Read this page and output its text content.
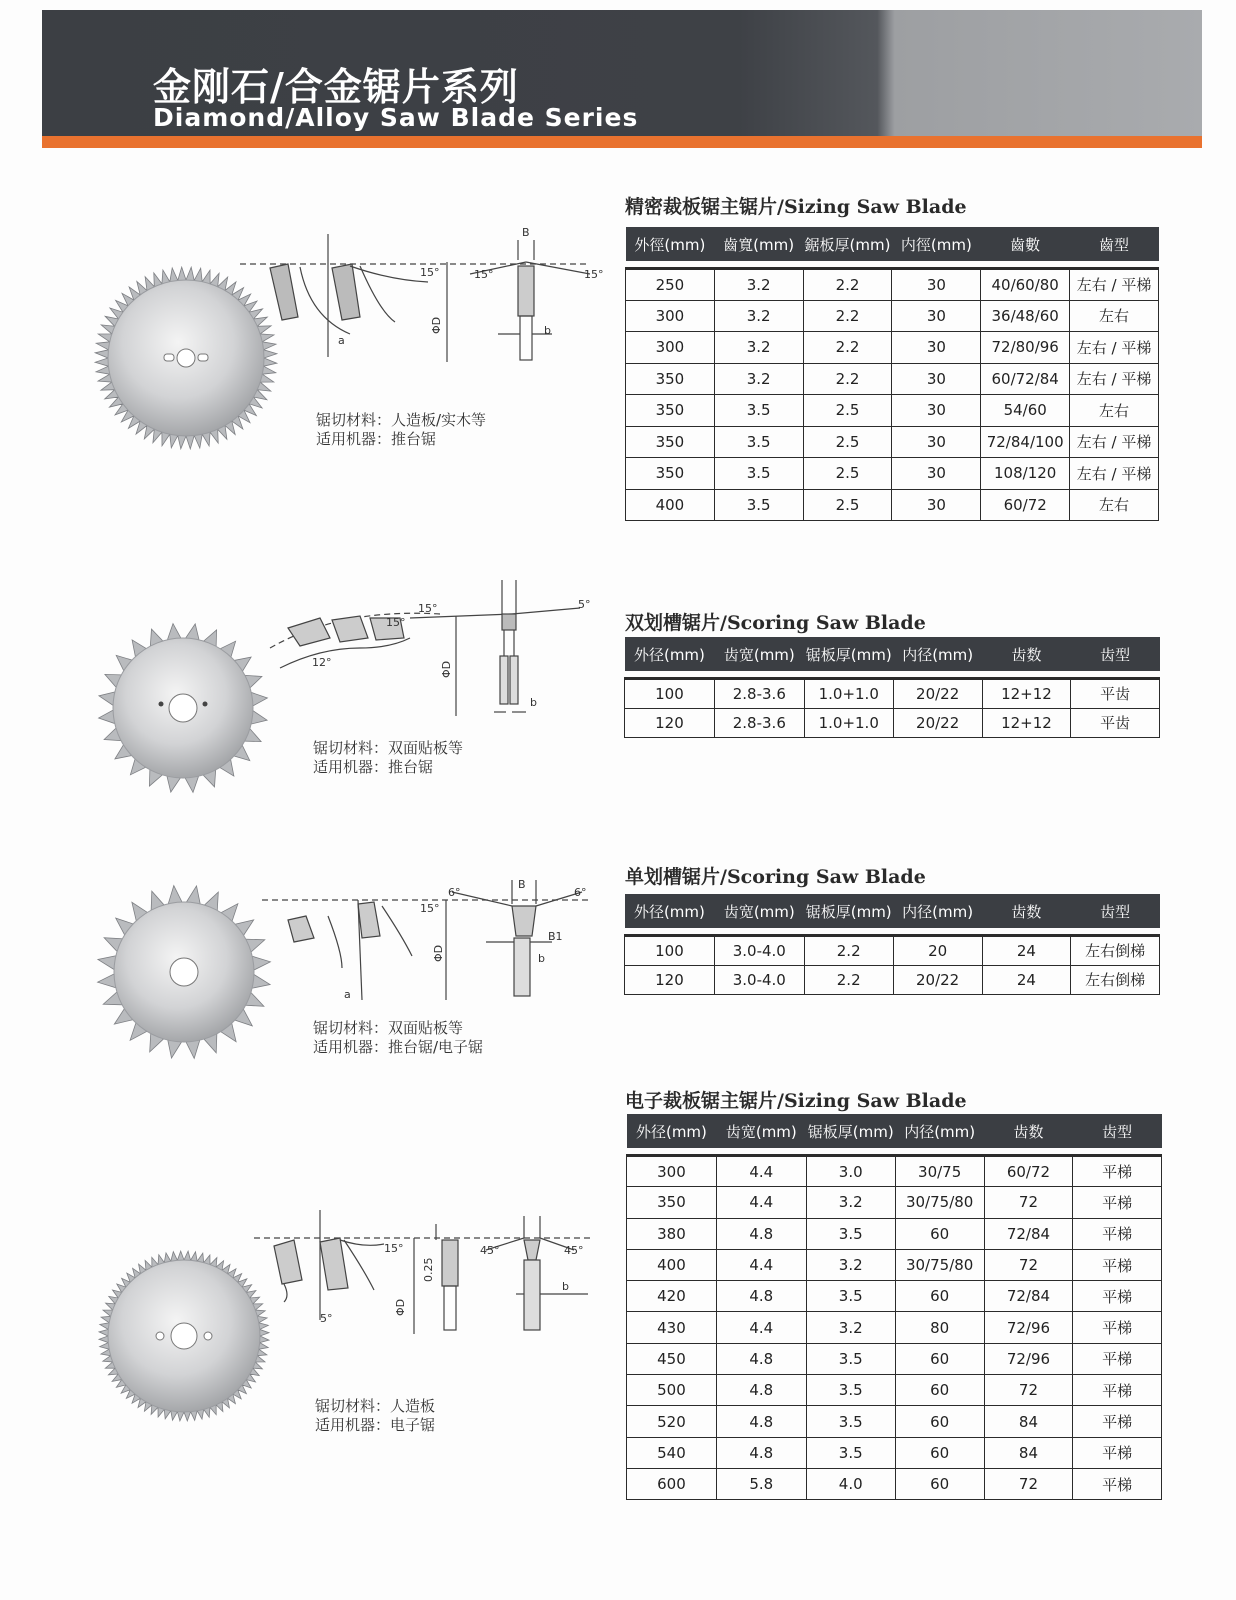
金刚石/合金锯片系列
Diamond/Alloy Saw Blade Series
精密裁板锯主锯片/Sizing Saw Blade
外徑(mm)	齒寬(mm)	鋸板厚(mm)	内徑(mm)	齒數	齒型

250	3.2	2.2	30	40/60/80	左右 / 平梯
300	3.2	2.2	30	36/48/60	左右
300	3.2	2.2	30	72/80/96	左右 / 平梯
350	3.2	2.2	30	60/72/84	左右 / 平梯
350	3.5	2.5	30	54/60	左右
350	3.5	2.5	30	72/84/100	左右 / 平梯
350	3.5	2.5	30	108/120	左右 / 平梯
400	3.5	2.5	30	60/72	左右
15°	15°	15°
B
a
ΦD	b
锯切材料：人造板/实木等
适用机器：推台锯
双划槽锯片/Scoring Saw Blade
外径(mm)	齿宽(mm)	锯板厚(mm)	内径(mm)	齿数	齿型

100	2.8-3.6	1.0+1.0	20/22	12+12	平齿
120	2.8-3.6	1.0+1.0	20/22	12+12	平齿
15°
15°
12°	ΦD
5°
b
锯切材料：双面贴板等
适用机器：推台锯
单划槽锯片/Scoring Saw Blade
外径(mm)	齿宽(mm)	锯板厚(mm)	内径(mm)	齿数	齿型

100	3.0-4.0	2.2	20	24	左右倒梯
120	3.0-4.0	2.2	20/22	24	左右倒梯
6°
15°
a
ΦD
B
6°
B1
b
锯切材料：双面贴板等
适用机器：推台锯/电子锯
电子裁板锯主锯片/Sizing Saw Blade
外径(mm)	齿宽(mm)	锯板厚(mm)	内径(mm)	齿数	齿型

300	4.4	3.0	30/75	60/72	平梯
350	4.4	3.2	30/75/80	72	平梯
380	4.8	3.5	60	72/84	平梯
400	4.4	3.2	30/75/80	72	平梯
420	4.8	3.5	60	72/84	平梯
430	4.4	3.2	80	72/96	平梯
450	4.8	3.5	60	72/96	平梯
500	4.8	3.5	60	72	平梯
520	4.8	3.5	60	84	平梯
540	4.8	3.5	60	84	平梯
600	5.8	4.0	60	72	平梯
15°
5°
ΦD
0.25
45°	45°
b
锯切材料：人造板
适用机器：电子锯
